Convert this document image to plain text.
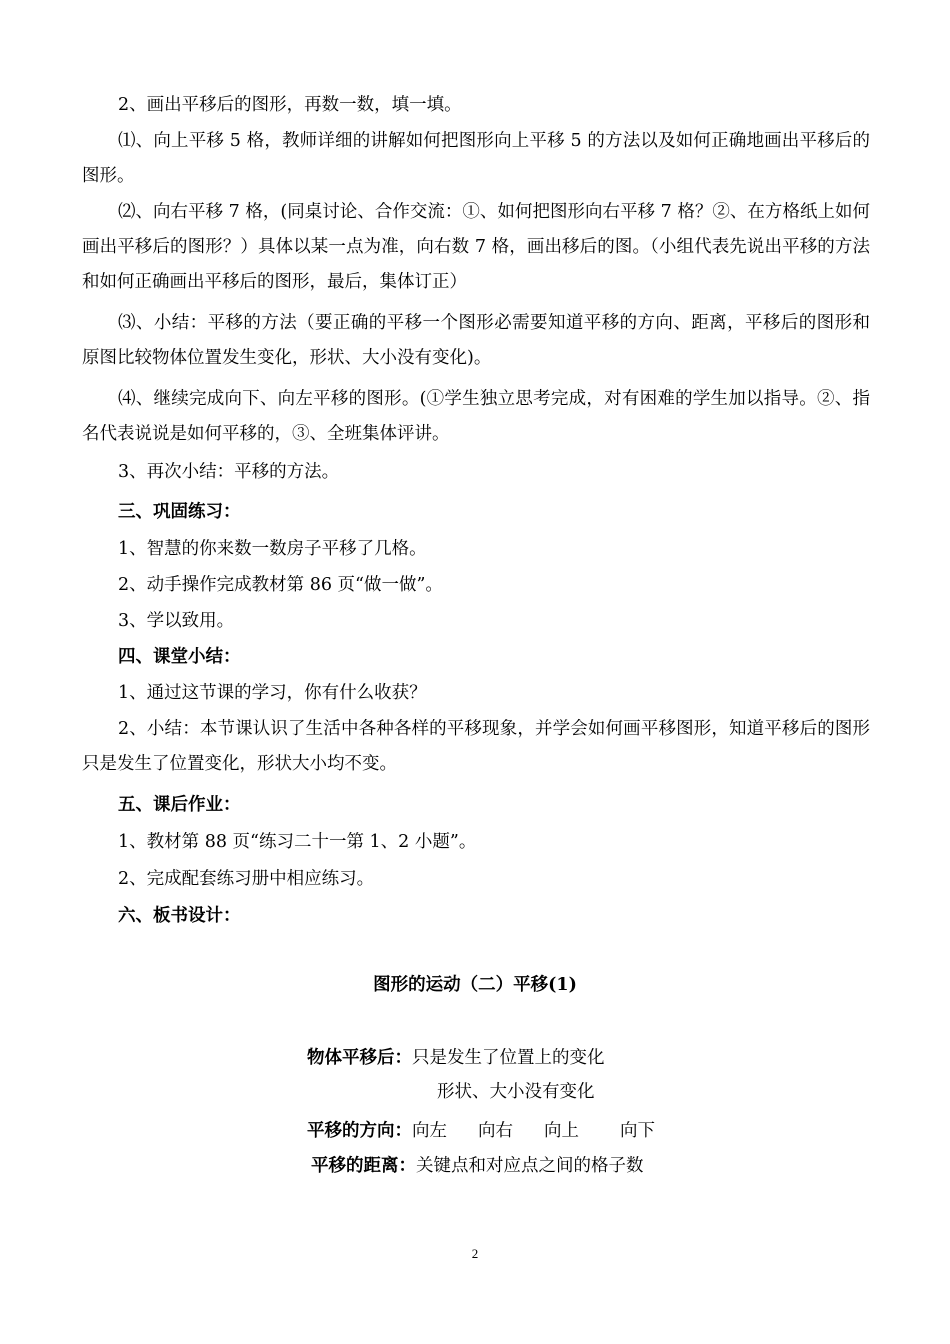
2、画出平移后的图形，再数一数，填一填。

⑴、向上平移 5 格，教师详细的讲解如何把图形向上平移 5 的方法以及如何正确地画出平移后的图形。

⑵、向右平移 7 格，(同桌讨论、合作交流：①、如何把图形向右平移 7 格？②、在方格纸上如何画出平移后的图形？）具体以某一点为准，向右数 7 格，画出移后的图。（小组代表先说出平移的方法和如何正确画出平移后的图形，最后，集体订正）

⑶、小结：平移的方法（要正确的平移一个图形必需要知道平移的方向、距离，平移后的图形和原图比较物体位置发生变化，形状、大小没有变化)。

⑷、继续完成向下、向左平移的图形。(①学生独立思考完成，对有困难的学生加以指导。②、指名代表说说是如何平移的，③、全班集体评讲。

3、再次小结：平移的方法。

三、巩固练习：

1、智慧的你来数一数房子平移了几格。

2、动手操作完成教材第 86 页“做一做”。

3、学以致用。

四、课堂小结：

1、通过这节课的学习，你有什么收获？

2、小结：本节课认识了生活中各种各样的平移现象，并学会如何画平移图形，知道平移后的图形只是发生了位置变化，形状大小均不变。

五、课后作业：

1、教材第 88 页“练习二十一第 1、2 小题”。

2、完成配套练习册中相应练习。

六、板书设计：

图形的运动（二）平移(1)

物体平移后：只是发生了位置上的变化

形状、大小没有变化

平移的方向：向左 向右 向上 向下

平移的距离：关键点和对应点之间的格子数

2
